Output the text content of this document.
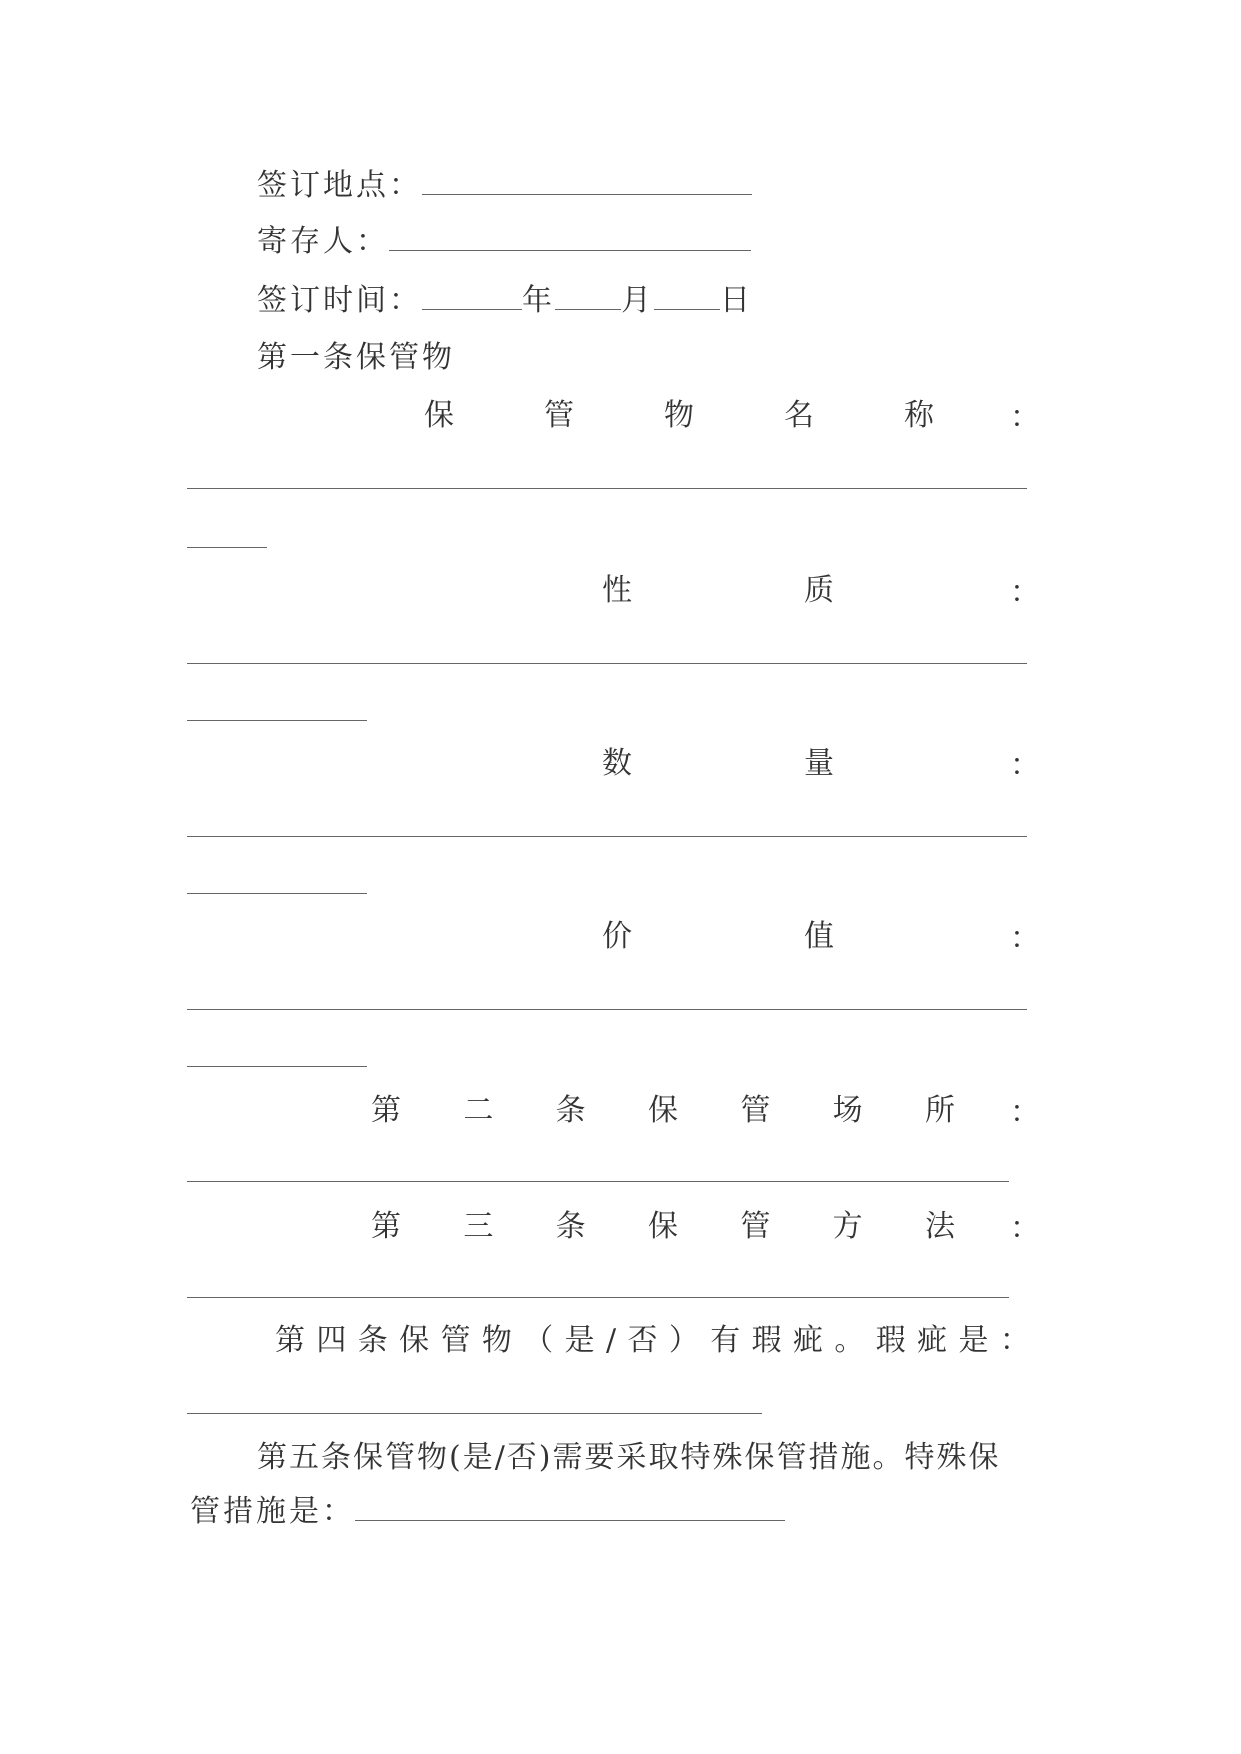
签订地点：
寄存人：
签订时间：	年 月 日
第一条保管物
保	管	物	名	称	：
性	质	：
数	量	：
价	值	：
第 二 条 保 管 场 所 ：
第 三 条 保 管 方 法 ：
第 四 条 保 管 物 （ 是 / 否 ） 有 瑕 疵 。 瑕 疵 是 ：
第五条保管物(是/否)需要采取特殊保管措施。特殊保
管措施是：
